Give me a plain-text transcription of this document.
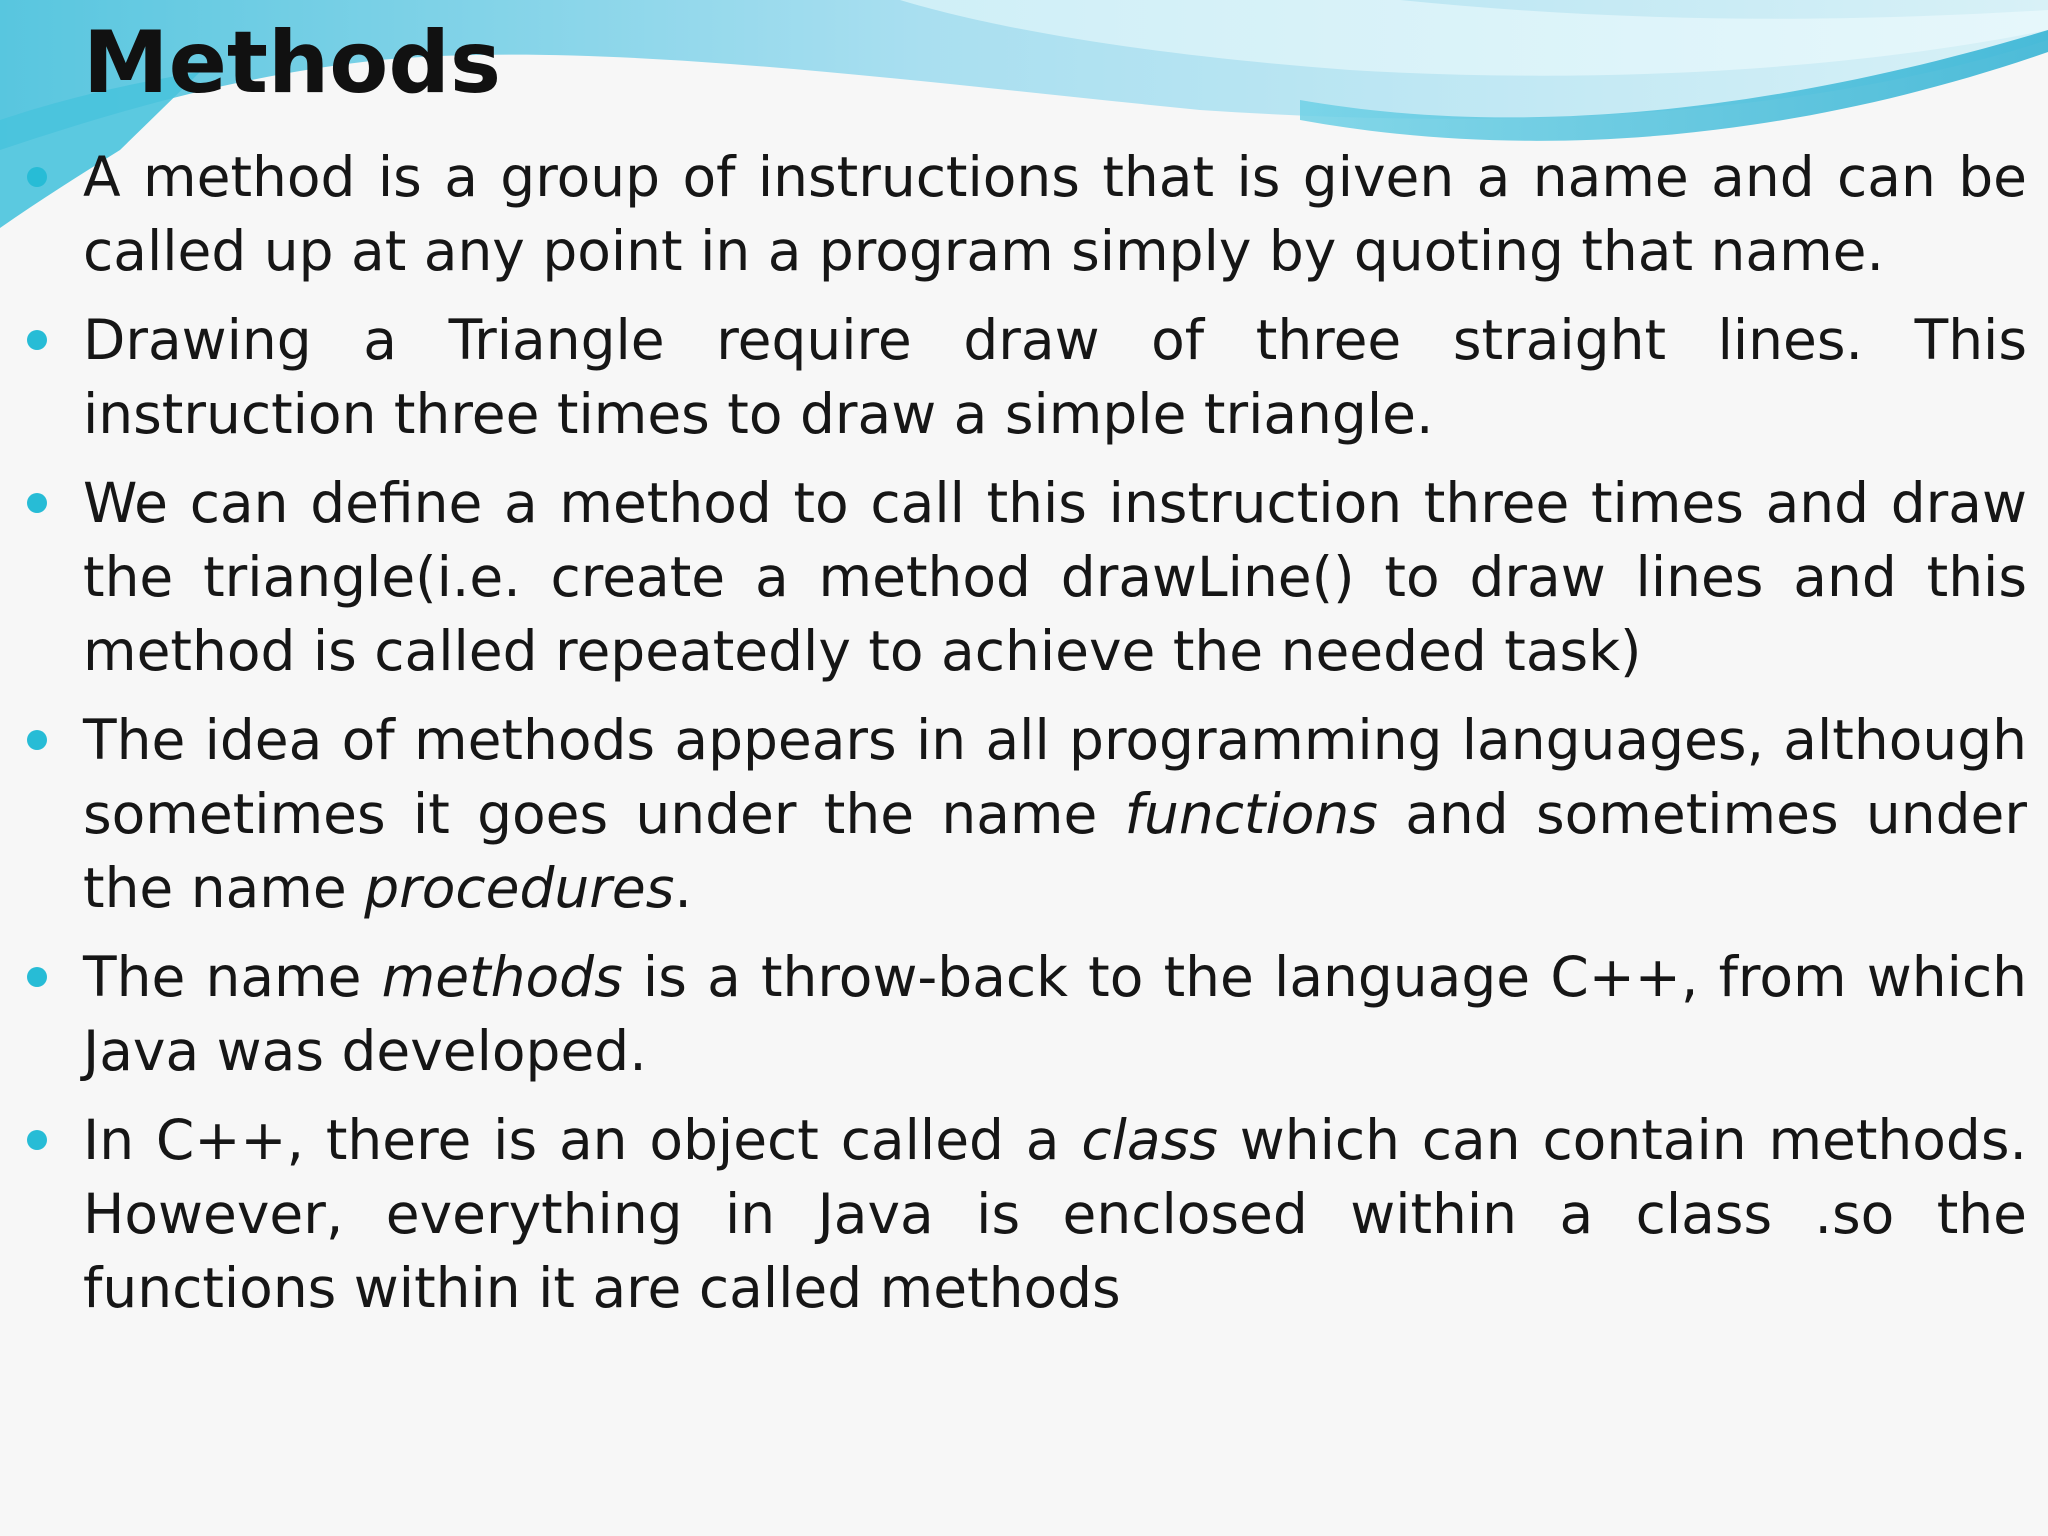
Methods
A method is a group of instructions that is given a name and can be called up at any point in a program simply by quoting that name.
Drawing a Triangle require draw of three straight lines. This instruction three times to draw a simple triangle.
We can define a method to call this instruction three times and draw the triangle(i.e. create a method drawLine() to draw lines and this method is called repeatedly to achieve the needed task)
The idea of methods appears in all programming languages, although sometimes it goes under the name functions and sometimes under the name procedures.
The name methods is a throw-back to the language C++, from which Java was developed.
In C++, there is an object called a class which can contain methods. However, everything in Java is enclosed within a class .so the functions within it are called methods
